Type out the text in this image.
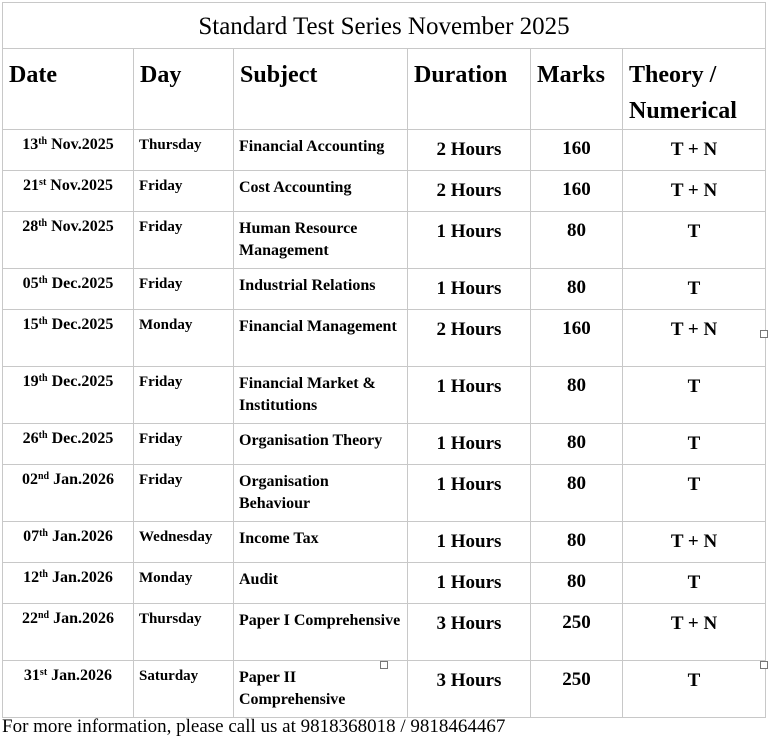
Standard Test Series November 2025					
Date	Day	Subject	Duration	Marks	Theory / Numerical
13th Nov.2025	Thursday	Financial Accounting	2 Hours	160	T + N
21st Nov.2025	Friday	Cost Accounting	2 Hours	160	T + N
28th Nov.2025	Friday	Human Resource Management	1 Hours	80	T
05th Dec.2025	Friday	Industrial Relations	1 Hours	80	T
15th Dec.2025	Monday	Financial Management	2 Hours	160	T + N
19th Dec.2025	Friday	Financial Market & Institutions	1 Hours	80	T
26th Dec.2025	Friday	Organisation Theory	1 Hours	80	T
02nd Jan.2026	Friday	Organisation Behaviour	1 Hours	80	T
07th Jan.2026	Wednesday	Income Tax	1 Hours	80	T + N
12th Jan.2026	Monday	Audit	1 Hours	80	T
22nd Jan.2026	Thursday	Paper I Comprehensive	3 Hours	250	T + N
31st Jan.2026	Saturday	Paper II Comprehensive	3 Hours	250	T
For more information, please call us at 9818368018 / 9818464467
